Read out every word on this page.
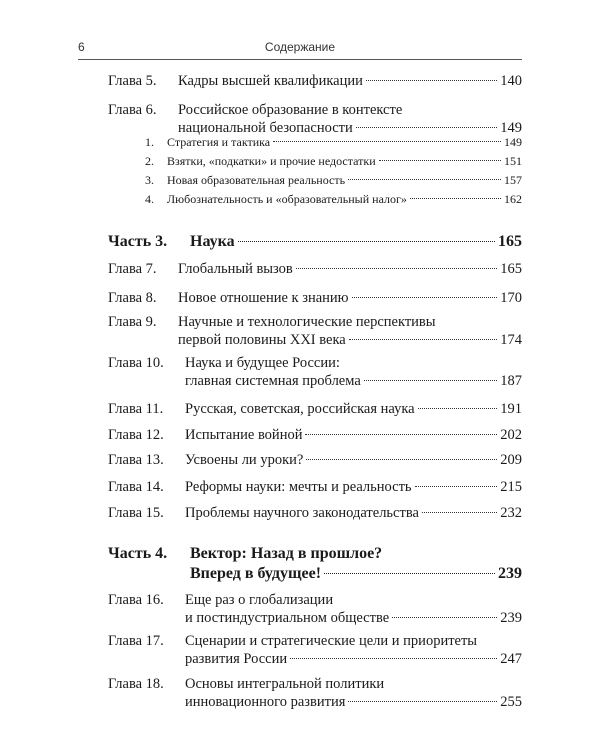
6	Содержание
Глава 5. Кадры высшей квалификации	140
Глава 6. Российское образование в контексте
национальной безопасности	149
1. Стратегия и тактика	149
2. Взятки, «подкатки» и прочие недостатки	151
3. Новая образовательная реальность	157
4. Любознательность и «образовательный налог»	162
Часть 3. Наука	165
Глава 7. Глобальный вызов	165
Глава 8. Новое отношение к знанию	170
Глава 9. Научные и технологические перспективы
первой половины XXI века	174
Глава 10. Наука и будущее России:
главная системная проблема	187
Глава 11. Русская, советская, российская наука	191
Глава 12. Испытание войной	202
Глава 13. Усвоены ли уроки?	209
Глава 14. Реформы науки: мечты и реальность	215
Глава 15. Проблемы научного законодательства	232
Часть 4. Вектор: Назад в прошлое?
Вперед в будущее!	239
Глава 16. Еще раз о глобализации
и постиндустриальном обществе	239
Глава 17. Сценарии и стратегические цели и приоритеты
развития России	247
Глава 18. Основы интегральной политики
инновационного развития	255
